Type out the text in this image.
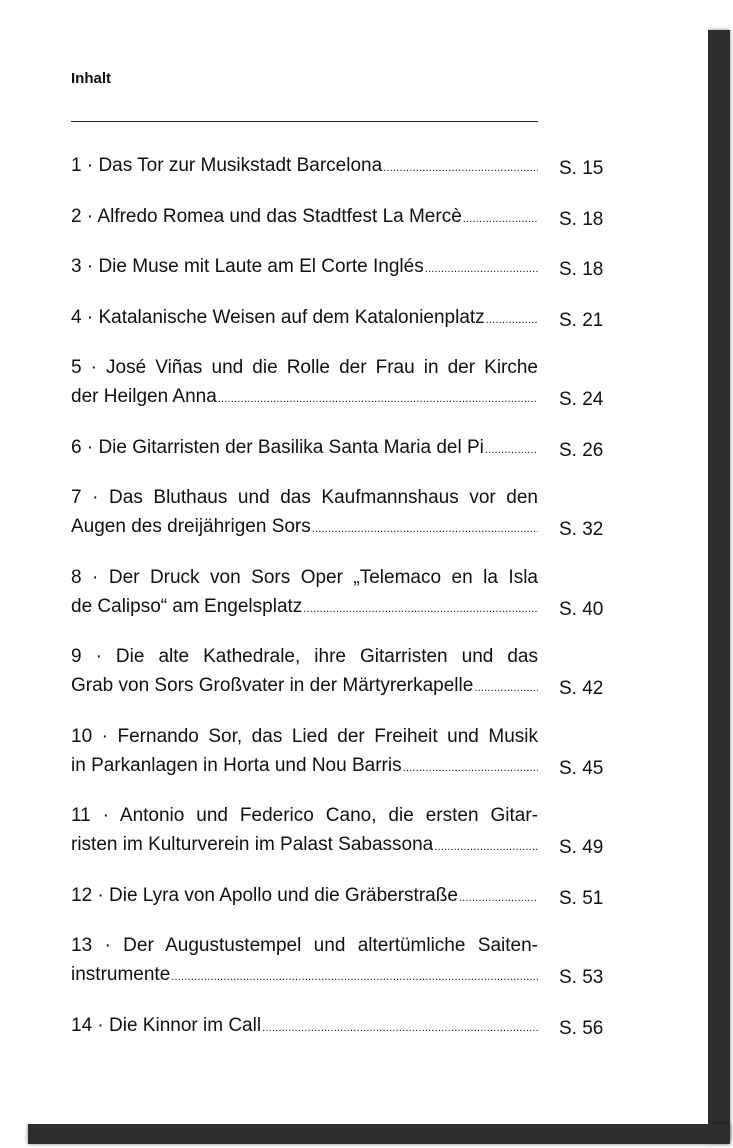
Inhalt
1 · Das Tor zur Musikstadt Barcelona .....	S. 15
2 · Alfredo Romea und das Stadtfest La Mercè .....	S. 18
3 · Die Muse mit Laute am El Corte Inglés .....	S. 18
4 · Katalanische Weisen auf dem Katalonienplatz .....	S. 21
5 · José Viñas und die Rolle der Frau in der Kirche
der Heilgen Anna .....	S. 24
6 · Die Gitarristen der Basilika Santa Maria del Pi .....	S. 26
7 · Das Bluthaus und das Kaufmannshaus vor den
Augen des dreijährigen Sors .....	S. 32
8 · Der Druck von Sors Oper „Telemaco en la Isla
de Calipso“ am Engelsplatz .....	S. 40
9 · Die alte Kathedrale, ihre Gitarristen und das
Grab von Sors Großvater in der Märtyrerkapelle .....	S. 42
10 · Fernando Sor, das Lied der Freiheit und Musik
in Parkanlagen in Horta und Nou Barris .....	S. 45
11 · Antonio und Federico Cano, die ersten Gitar-
risten im Kulturverein im Palast Sabassona .....	S. 49
12 · Die Lyra von Apollo und die Gräberstraße .....	S. 51
13 · Der Augustustempel und altertümliche Saiten-
instrumente .....	S. 53
14 · Die Kinnor im Call .....	S. 56
